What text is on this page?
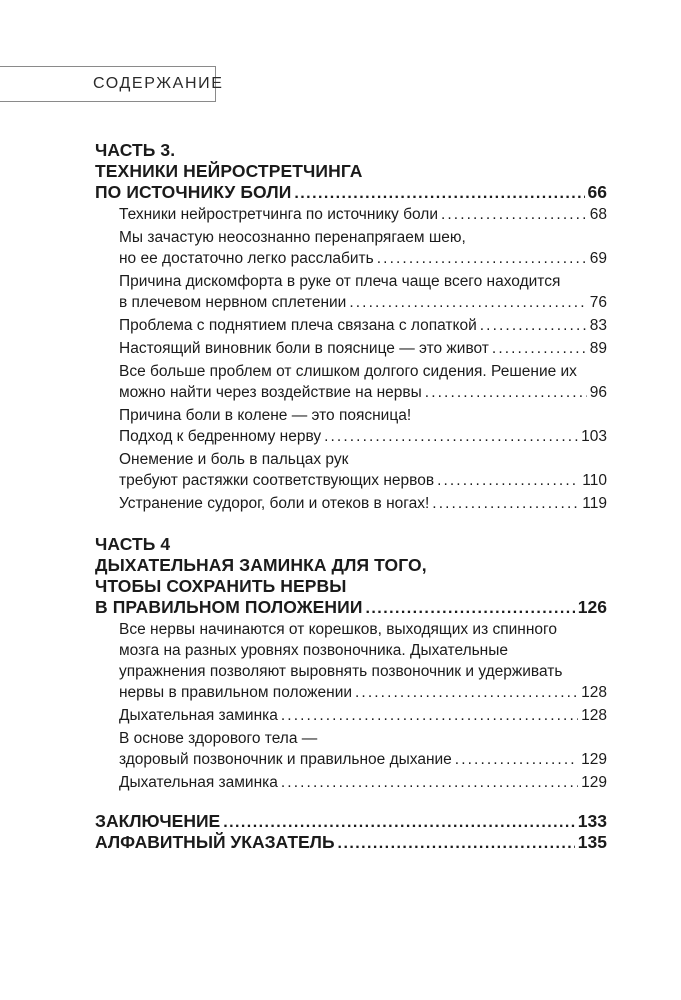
СОДЕРЖАНИЕ
ЧАСТЬ 3.
ТЕХНИКИ НЕЙРОСТРЕТЧИНГА
ПО ИСТОЧНИКУ БОЛИ . . .	66
Техники нейростретчинга по источнику боли . . .	68
Мы зачастую неосознанно перенапрягаем шею,
но ее достаточно легко расслабить . . .	69
Причина дискомфорта в руке от плеча чаще всего находится
в плечевом нервном сплетении . . .	76
Проблема с поднятием плеча связана с лопаткой . . .	83
Настоящий виновник боли в пояснице — это живот . . .	89
Все больше проблем от слишком долгого сидения. Решение их
можно найти через воздействие на нервы . . .	96
Причина боли в колене — это поясница!
Подход к бедренному нерву . . .	103
Онемение и боль в пальцах рук
требуют растяжки соответствующих нервов . . .	110
Устранение судорог, боли и отеков в ногах! . . .	119
ЧАСТЬ 4
ДЫХАТЕЛЬНАЯ ЗАМИНКА ДЛЯ ТОГО,
ЧТОБЫ СОХРАНИТЬ НЕРВЫ
В ПРАВИЛЬНОМ ПОЛОЖЕНИИ . . .	126
Все нервы начинаются от корешков, выходящих из спинного
мозга на разных уровнях позвоночника. Дыхательные
упражнения позволяют выровнять позвоночник и удерживать
нервы в правильном положении . . .	128
Дыхательная заминка . . .	128
В основе здорового тела —
здоровый позвоночник и правильное дыхание . . .	129
Дыхательная заминка . . .	129
ЗАКЛЮЧЕНИЕ . . .	133
АЛФАВИТНЫЙ УКАЗАТЕЛЬ . . .	135
